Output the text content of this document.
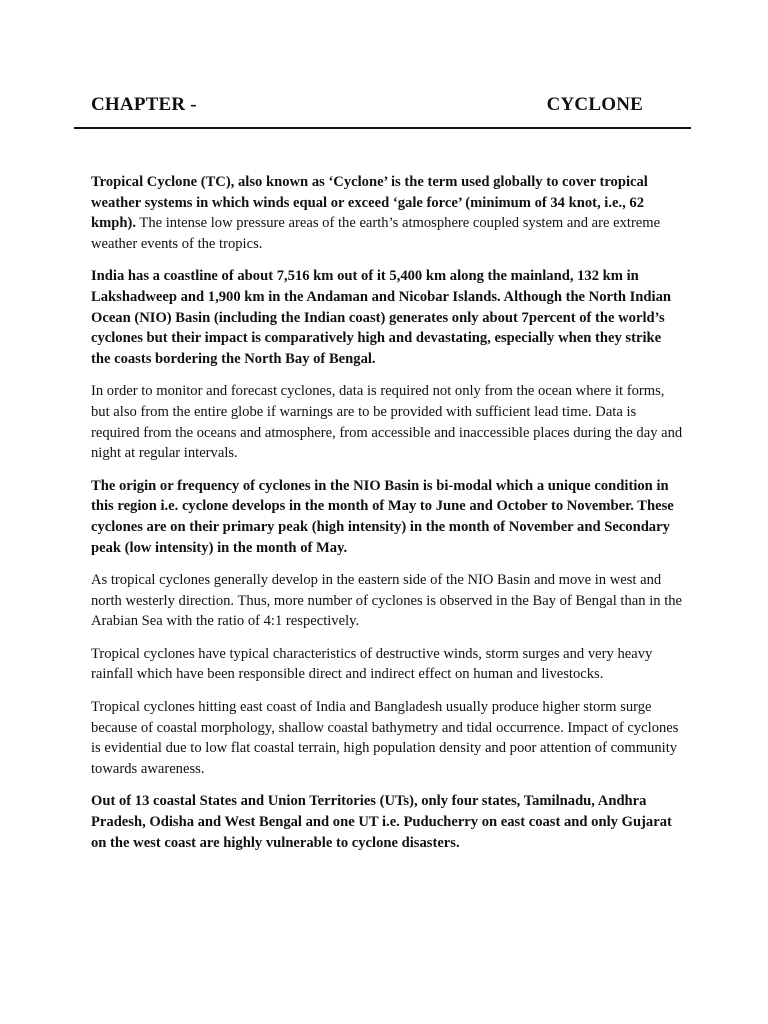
CHAPTER -	CYCLONE

Tropical Cyclone (TC), also known as ‘Cyclone’ is the term used globally to cover tropical weather systems in which winds equal or exceed ‘gale force’ (minimum of 34 knot, i.e., 62 kmph). The intense low pressure areas of the earth’s atmosphere coupled system and are extreme weather events of the tropics.

India has a coastline of about 7,516 km out of it 5,400 km along the mainland, 132 km in Lakshadweep and 1,900 km in the Andaman and Nicobar Islands. Although the North Indian Ocean (NIO) Basin (including the Indian coast) generates only about 7percent of the world’s cyclones but their impact is comparatively high and devastating, especially when they strike the coasts bordering the North Bay of Bengal.

In order to monitor and forecast cyclones, data is required not only from the ocean where it forms, but also from the entire globe if warnings are to be provided with sufficient lead time. Data is required from the oceans and atmosphere, from accessible and inaccessible places during the day and night at regular intervals.

The origin or frequency of cyclones in the NIO Basin is bi-modal which a unique condition in this region i.e. cyclone develops in the month of May to June and October to November. These cyclones are on their primary peak (high intensity) in the month of November and Secondary peak (low intensity) in the month of May.

As tropical cyclones generally develop in the eastern side of the NIO Basin and move in west and north westerly direction. Thus, more number of cyclones is observed in the Bay of Bengal than in the Arabian Sea with the ratio of 4:1 respectively.

Tropical cyclones have typical characteristics of destructive winds, storm surges and very heavy rainfall which have been responsible direct and indirect effect on human and livestocks.

Tropical cyclones hitting east coast of India and Bangladesh usually produce higher storm surge because of coastal morphology, shallow coastal bathymetry and tidal occurrence. Impact of cyclones is evidential due to low flat coastal terrain, high population density and poor attention of community towards awareness.

Out of 13 coastal States and Union Territories (UTs), only four states, Tamilnadu, Andhra Pradesh, Odisha and West Bengal and one UT i.e. Puducherry on east coast and only Gujarat on the west coast are highly vulnerable to cyclone disasters.
